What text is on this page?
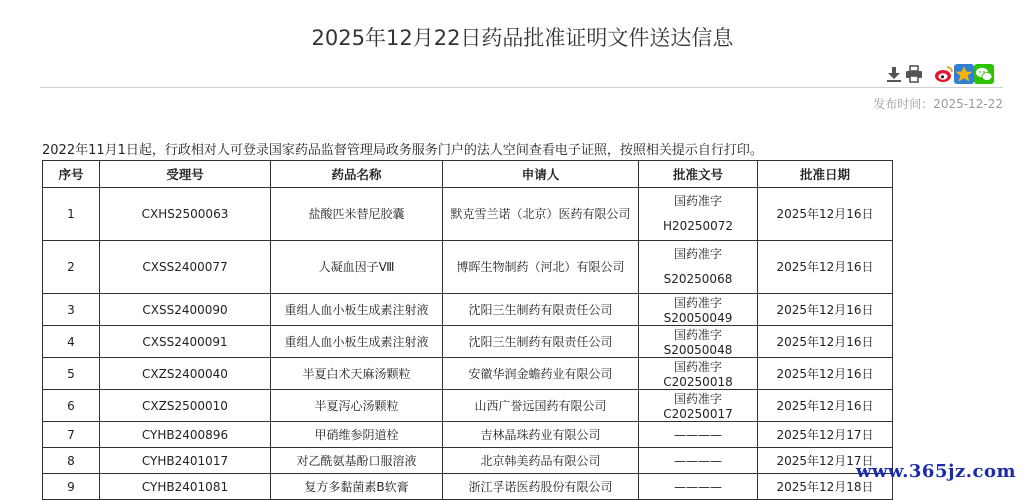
2025年12月22日药品批准证明文件送达信息
发布时间：2025-12-22
2022年11月1日起，行政相对人可登录国家药品监督管理局政务服务门户的法人空间查看电子证照，按照相关提示自行打印。
序号	受理号	药品名称	申请人	批准文号	批准日期
1	CXHS2500063	盐酸匹米替尼胶囊	默克雪兰诺（北京）医药有限公司	国药准字H20250072	2025年12月16日
2	CXSS2400077	人凝血因子Ⅷ	博晖生物制药（河北）有限公司	国药准字S20250068	2025年12月16日
3	CXSS2400090	重组人血小板生成素注射液	沈阳三生制药有限责任公司	国药准字S20050049	2025年12月16日
4	CXSS2400091	重组人血小板生成素注射液	沈阳三生制药有限责任公司	国药准字S20050048	2025年12月16日
5	CXZS2400040	半夏白术天麻汤颗粒	安徽华润金蟾药业有限公司	国药准字C20250018	2025年12月16日
6	CXZS2500010	半夏泻心汤颗粒	山西广誉远国药有限公司	国药准字C20250017	2025年12月16日
7	CYHB2400896	甲硝维参阴道栓	吉林晶珠药业有限公司	————	2025年12月17日
8	CYHB2401017	对乙酰氨基酚口服溶液	北京韩美药品有限公司	————	2025年12月17日
9	CYHB2401081	复方多黏菌素B软膏	浙江孚诺医药股份有限公司	————	2025年12月18日
www.365jz.com
